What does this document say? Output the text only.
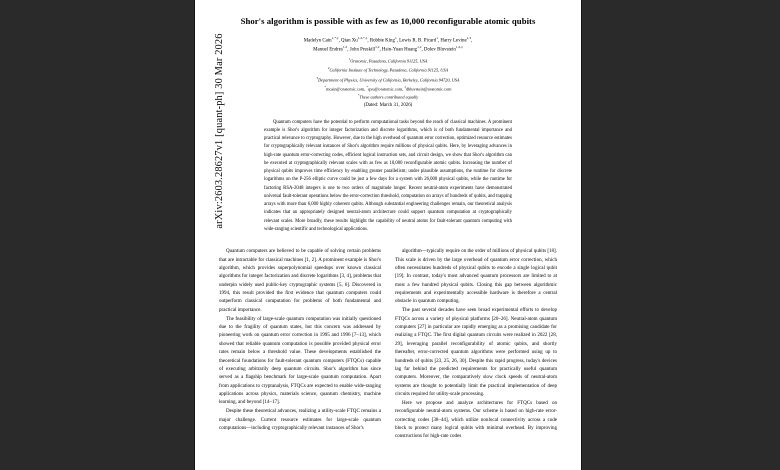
arXiv:2603.28627v1 [quant-ph] 30 Mar 2026
Shor's algorithm is possible with as few as 10,000 reconfigurable atomic qubits
Madelyn Cain$^{1,*,\ddagger}$, Qian $Xu^{1,2,*,\ddagger}$, Robbie King$^1$, Lewis R. B. Picard$^1$, Harry Levine$^{1,3}$,
Manuel Endres$^{1,2}$, John Preskill$^{1,2}$, Hsin-Yuan Huang$^{1,2}$, Dolev Bluvstein$^{1,2,\ddagger}$
$^1$Oratomic, Pasadena, California 91125, USA
$^2$California Institute of Technology, Pasadena, California 91125, USA
$^3$Department of Physics, University of California, Berkeley, California 94720, USA
*mcain@oratomic.com, *qxu@oratomic.com, ‡dbluvstein@oratomic.com
*These authors contributed equally
(Dated: March 31, 2026)
Quantum computers have the potential to perform computational tasks beyond the reach of classical machines. A prominent example is Shor's algorithm for integer factorization and discrete logarithms, which is of both fundamental importance and practical relevance to cryptography. However, due to the high overhead of quantum error correction, optimized resource estimates for cryptographically relevant instances of Shor's algorithm require millions of physical qubits. Here, by leveraging advances in high-rate quantum error-correcting codes, efficient logical instruction sets, and circuit design, we show that Shor's algorithm can be executed at cryptographically relevant scales with as few as 10,000 reconfigurable atomic qubits. Increasing the number of physical qubits improves time efficiency by enabling greater parallelism; under plausible assumptions, the runtime for discrete logarithms on the P-256 elliptic curve could be just a few days for a system with 26,000 physical qubits, while the runtime for factoring RSA-2048 integers is one to two orders of magnitude longer. Recent neutral-atom experiments have demonstrated universal fault-tolerant operations below the error-correction threshold, computation on arrays of hundreds of qubits, and trapping arrays with more than 6,000 highly coherent qubits. Although substantial engineering challenges remain, our theoretical analysis indicates that an appropriately designed neutral-atom architecture could support quantum computation at cryptographically relevant scales. More broadly, these results highlight the capability of neutral atoms for fault-tolerant quantum computing with wide-ranging scientific and technological applications.

Quantum computers are believed to be capable of solving certain problems that are intractable for classical machines [1, 2]. A prominent example is Shor's algorithm, which provides superpolynomial speedups over known classical algorithms for integer factorization and discrete logarithms [3, 4], problems that underpin widely used public-key cryptographic systems [5, 6]. Discovered in 1994, this result provided the first evidence that quantum computers could outperform classical computation for problems of both fundamental and practical importance.

The feasibility of large-scale quantum computation was initially questioned due to the fragility of quantum states, but this concern was addressed by pioneering work on quantum error correction in 1995 and 1996 [7–13], which showed that reliable quantum computation is possible provided physical error rates remain below a threshold value. These developments established the theoretical foundations for fault-tolerant quantum computers (FTQCs) capable of executing arbitrarily deep quantum circuits. Shor's algorithm has since served as a flagship benchmark for large-scale quantum computation. Apart from applications to cryptanalysis, FTQCs are expected to enable wide-ranging applications across physics, materials science, quantum chemistry, machine learning, and beyond [14–17].

Despite these theoretical advances, realizing a utility-scale FTQC remains a major challenge. Current resource estimates for large-scale quantum computations—including cryptographically relevant instances of Shor's

algorithm—typically require on the order of millions of physical qubits [18]. This scale is driven by the large overhead of quantum error correction, which often necessitates hundreds of physical qubits to encode a single logical qubit [19]. In contrast, today's most advanced quantum processors are limited to at most a few hundred physical qubits. Closing this gap between algorithmic requirements and experimentally accessible hardware is therefore a central obstacle in quantum computing.

The past several decades have seen broad experimental efforts to develop FTQCs across a variety of physical platforms [20–26]. Neutral-atom quantum computers [27] in particular are rapidly emerging as a promising candidate for realizing a FTQC. The first digital quantum circuits were realized in 2022 [28, 29], leveraging parallel reconfigurability of atomic qubits, and shortly thereafter, error-corrected quantum algorithms were performed using up to hundreds of qubits [23, 25, 26, 30]. Despite this rapid progress, today's devices lag far behind the predicted requirements for practically useful quantum computers. Moreover, the comparatively slow clock speeds of neutral-atom systems are thought to potentially limit the practical implementation of deep circuits required for utility-scale processing.

Here we propose and analyze architectures for FTQCs based on reconfigurable neutral-atom systems. Our scheme is based on high-rate error-correcting codes [38–44], which utilize nonlocal connectivity across a code block to protect many logical qubits with minimal overhead. By improving constructions for high-rate codes
